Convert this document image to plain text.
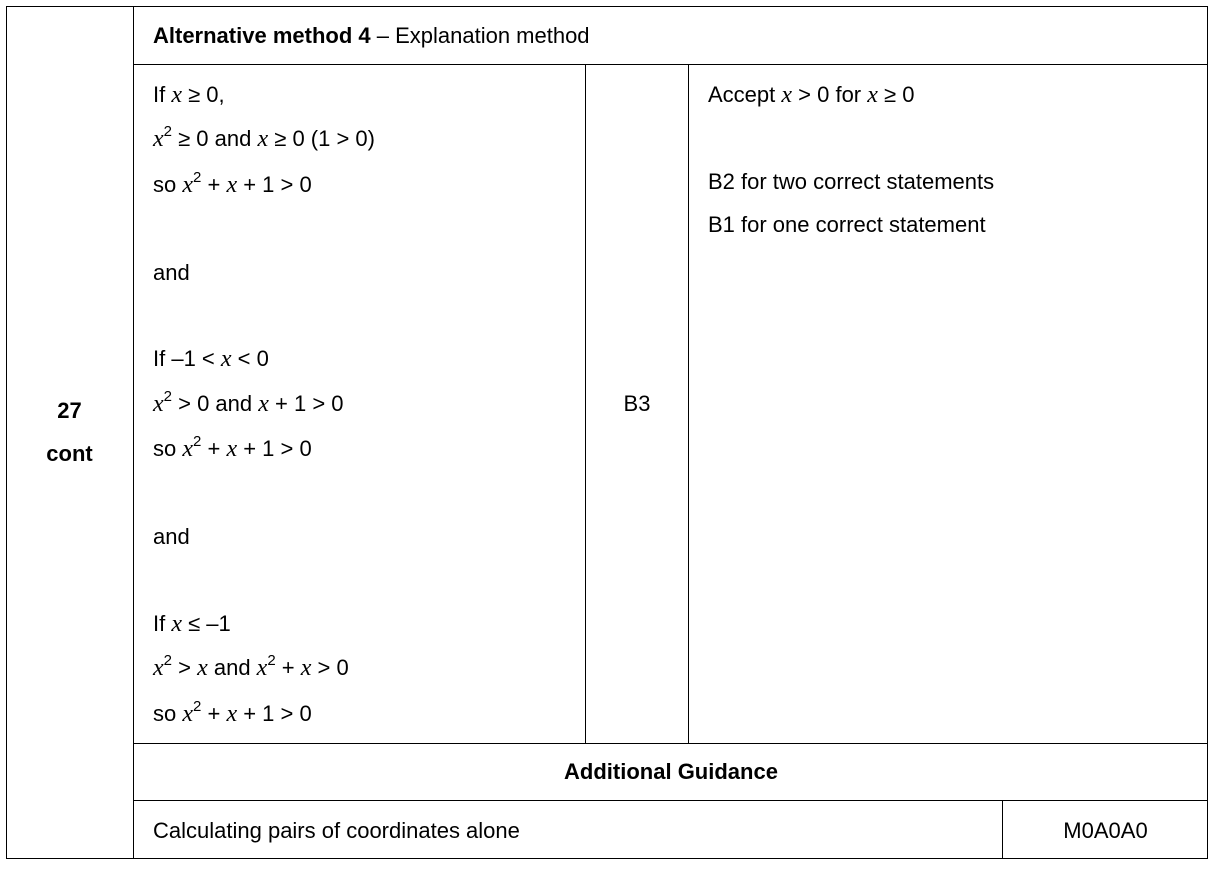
27
cont
Alternative method 4 – Explanation method
If x ≥ 0,
$x^2 \ge 0$ and x ≥ 0 (1 > 0)
so $x^2 + x + 1 > 0$
and
If –1 < x < 0
$x^2 > 0$ and x + 1 > 0
so $x^2 + x + 1 > 0$
and
If x ≤ –1
$x^2 > x$ and $x^2 + x > 0$
so $x^2 + x + 1 > 0$
B3
Accept x > 0 for x ≥ 0
B2 for two correct statements
B1 for one correct statement
Additional Guidance
Calculating pairs of coordinates alone	M0A0A0
